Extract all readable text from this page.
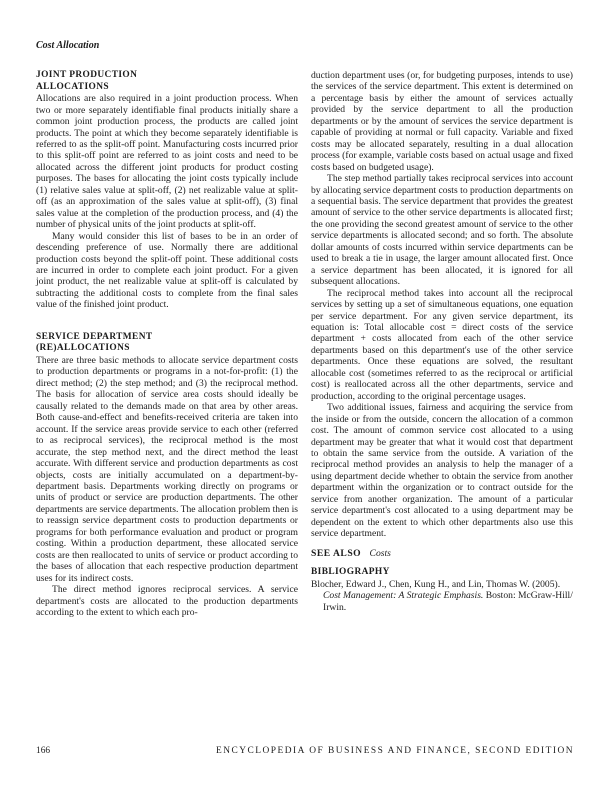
Cost Allocation
JOINT PRODUCTION
ALLOCATIONS

Allocations are also required in a joint production process. When two or more separately identifiable final products initially share a common joint production process, the products are called joint products. The point at which they become separately identifiable is referred to as the split-off point. Manufacturing costs incurred prior to this split-off point are referred to as joint costs and need to be allocated across the different joint products for product costing purposes. The bases for allocating the joint costs typically include (1) relative sales value at split-off, (2) net realizable value at split-off (as an approximation of the sales value at split-off), (3) final sales value at the completion of the production process, and (4) the number of physical units of the joint products at split-off.

Many would consider this list of bases to be in an order of descending preference of use. Normally there are additional production costs beyond the split-off point. These additional costs are incurred in order to complete each joint product. For a given joint product, the net realizable value at split-off is calculated by subtracting the additional costs to complete from the final sales value of the finished joint product.

SERVICE DEPARTMENT
(RE)ALLOCATIONS

There are three basic methods to allocate service department costs to production departments or programs in a not-for-profit: (1) the direct method; (2) the step method; and (3) the reciprocal method. The basis for allocation of service area costs should ideally be causally related to the demands made on that area by other areas. Both cause-and-effect and benefits-received criteria are taken into account. If the service areas provide service to each other (referred to as reciprocal services), the reciprocal method is the most accurate, the step method next, and the direct method the least accurate. With different service and production departments as cost objects, costs are initially accumulated on a department-by-department basis. Departments working directly on programs or units of product or service are production departments. The other departments are service departments. The allocation problem then is to reassign service department costs to production departments or programs for both performance evaluation and product or program costing. Within a production department, these allocated service costs are then reallocated to units of service or product according to the bases of allocation that each respective production department uses for its indirect costs.

The direct method ignores reciprocal services. A service department's costs are allocated to the production departments according to the extent to which each pro-

duction department uses (or, for budgeting purposes, intends to use) the services of the service department. This extent is determined on a percentage basis by either the amount of services actually provided by the service department to all the production departments or by the amount of services the service department is capable of providing at normal or full capacity. Variable and fixed costs may be allocated separately, resulting in a dual allocation process (for example, variable costs based on actual usage and fixed costs based on budgeted usage).

The step method partially takes reciprocal services into account by allocating service department costs to production departments on a sequential basis. The service department that provides the greatest amount of service to the other service departments is allocated first; the one providing the second greatest amount of service to the other service departments is allocated second; and so forth. The absolute dollar amounts of costs incurred within service departments can be used to break a tie in usage, the larger amount allocated first. Once a service department has been allocated, it is ignored for all subsequent allocations.

The reciprocal method takes into account all the reciprocal services by setting up a set of simultaneous equations, one equation per service department. For any given service department, its equation is: Total allocable cost = direct costs of the service department + costs allocated from each of the other service departments based on this department's use of the other service departments. Once these equations are solved, the resultant allocable cost (sometimes referred to as the reciprocal or artificial cost) is reallocated across all the other departments, service and production, according to the original percentage usages.

Two additional issues, fairness and acquiring the service from the inside or from the outside, concern the allocation of a common cost. The amount of common service cost allocated to a using department may be greater that what it would cost that department to obtain the same service from the outside. A variation of the reciprocal method provides an analysis to help the manager of a using department decide whether to obtain the service from another department within the organization or to contract outside for the service from another organization. The amount of a particular service department's cost allocated to a using department may be dependent on the extent to which other departments also use this service department.

SEE ALSO Costs

BIBLIOGRAPHY

Blocher, Edward J., Chen, Kung H., and Lin, Thomas W. (2005). Cost Management: A Strategic Emphasis. Boston: McGraw-Hill/ Irwin.

166	ENCYCLOPEDIA OF BUSINESS AND FINANCE, SECOND EDITION
